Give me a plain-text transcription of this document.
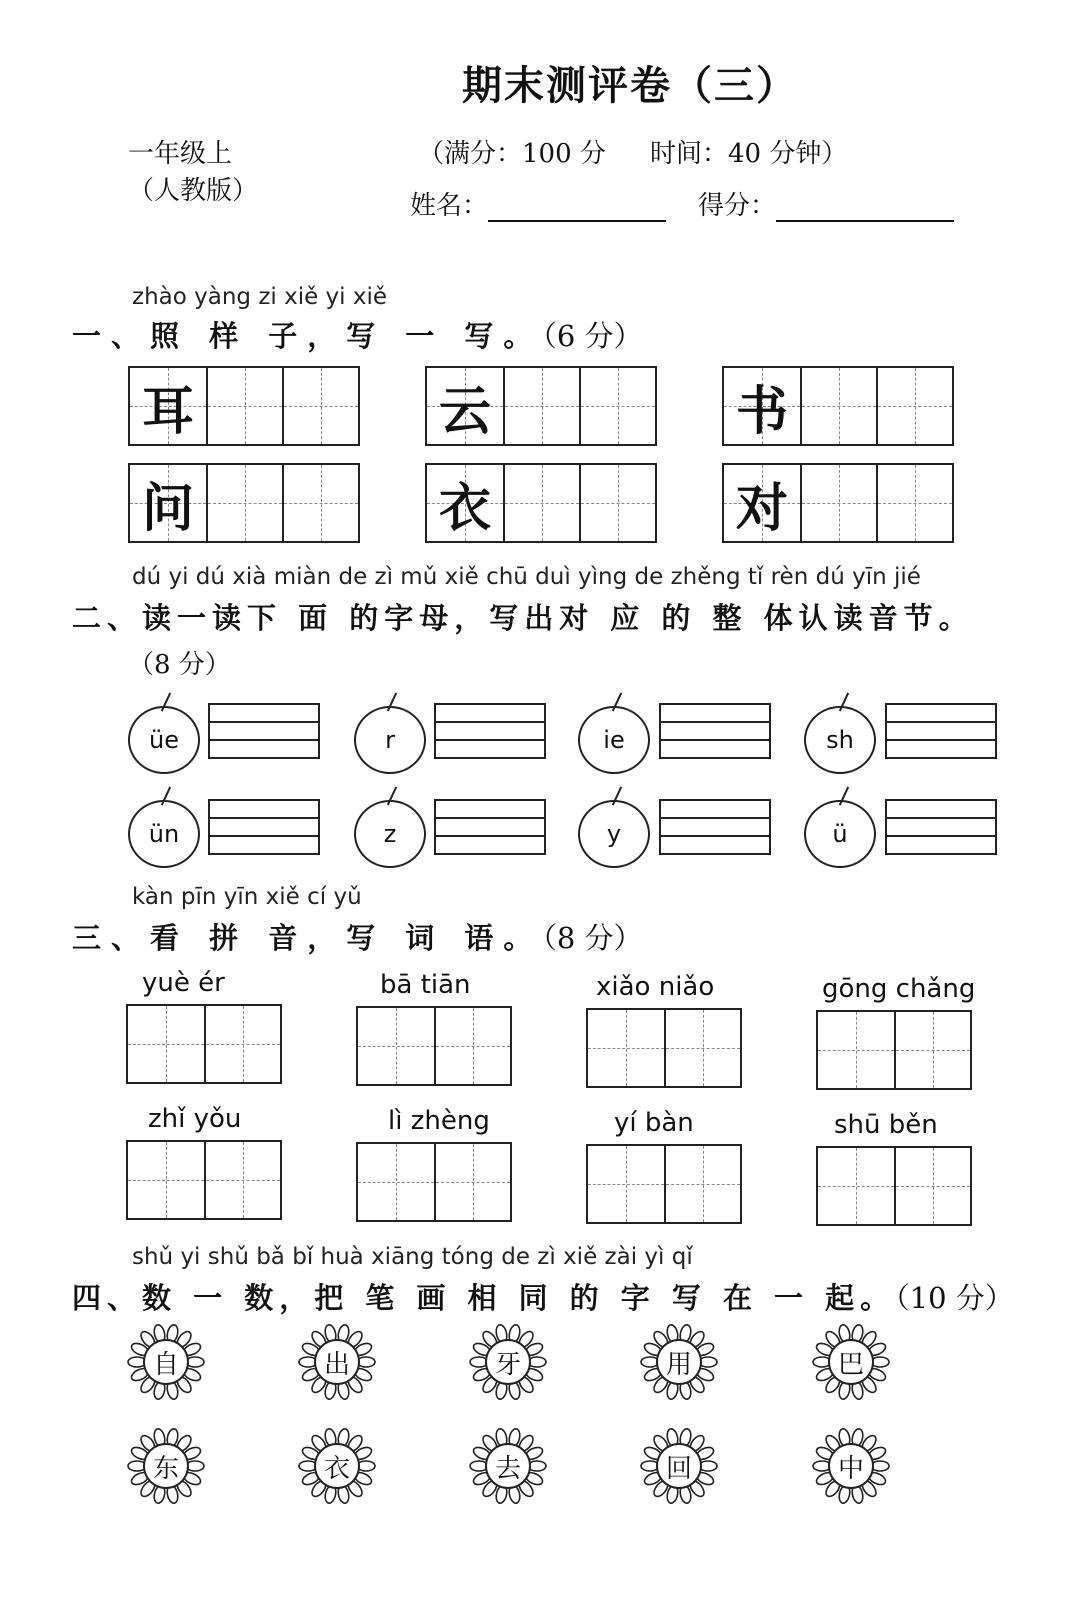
期末测评卷（三）
一年级上
（人教版）
（满分：100 分 时间：40 分钟）
姓名：	得分：
zhào yàng zi xiě yi xiě
一、照 样 子，写 一 写。（6 分）
耳	云	书
问	衣	对
dú yi dú xià miàn de zì mǔ xiě chū duì yìng de zhěng tǐ rèn dú yīn jié
二、读一读下 面 的字母，写出对 应 的 整 体认读音节。
（8 分）
üe	r	ie	sh
ün	z	y	ü
kàn pīn yīn xiě cí yǔ
三、看 拼 音，写 词 语。（8 分）
yuè ér	bā tiān	xiǎo niǎo	gōng chǎng
zhǐ yǒu	lì zhèng	yí bàn	shū běn
shǔ yi shǔ bǎ bǐ huà xiāng tóng de zì xiě zài yì qǐ
四、数 一 数，把 笔 画 相 同 的 字 写 在 一 起。（10 分）
自	出	牙	用	巴
东	衣	去	回	中
